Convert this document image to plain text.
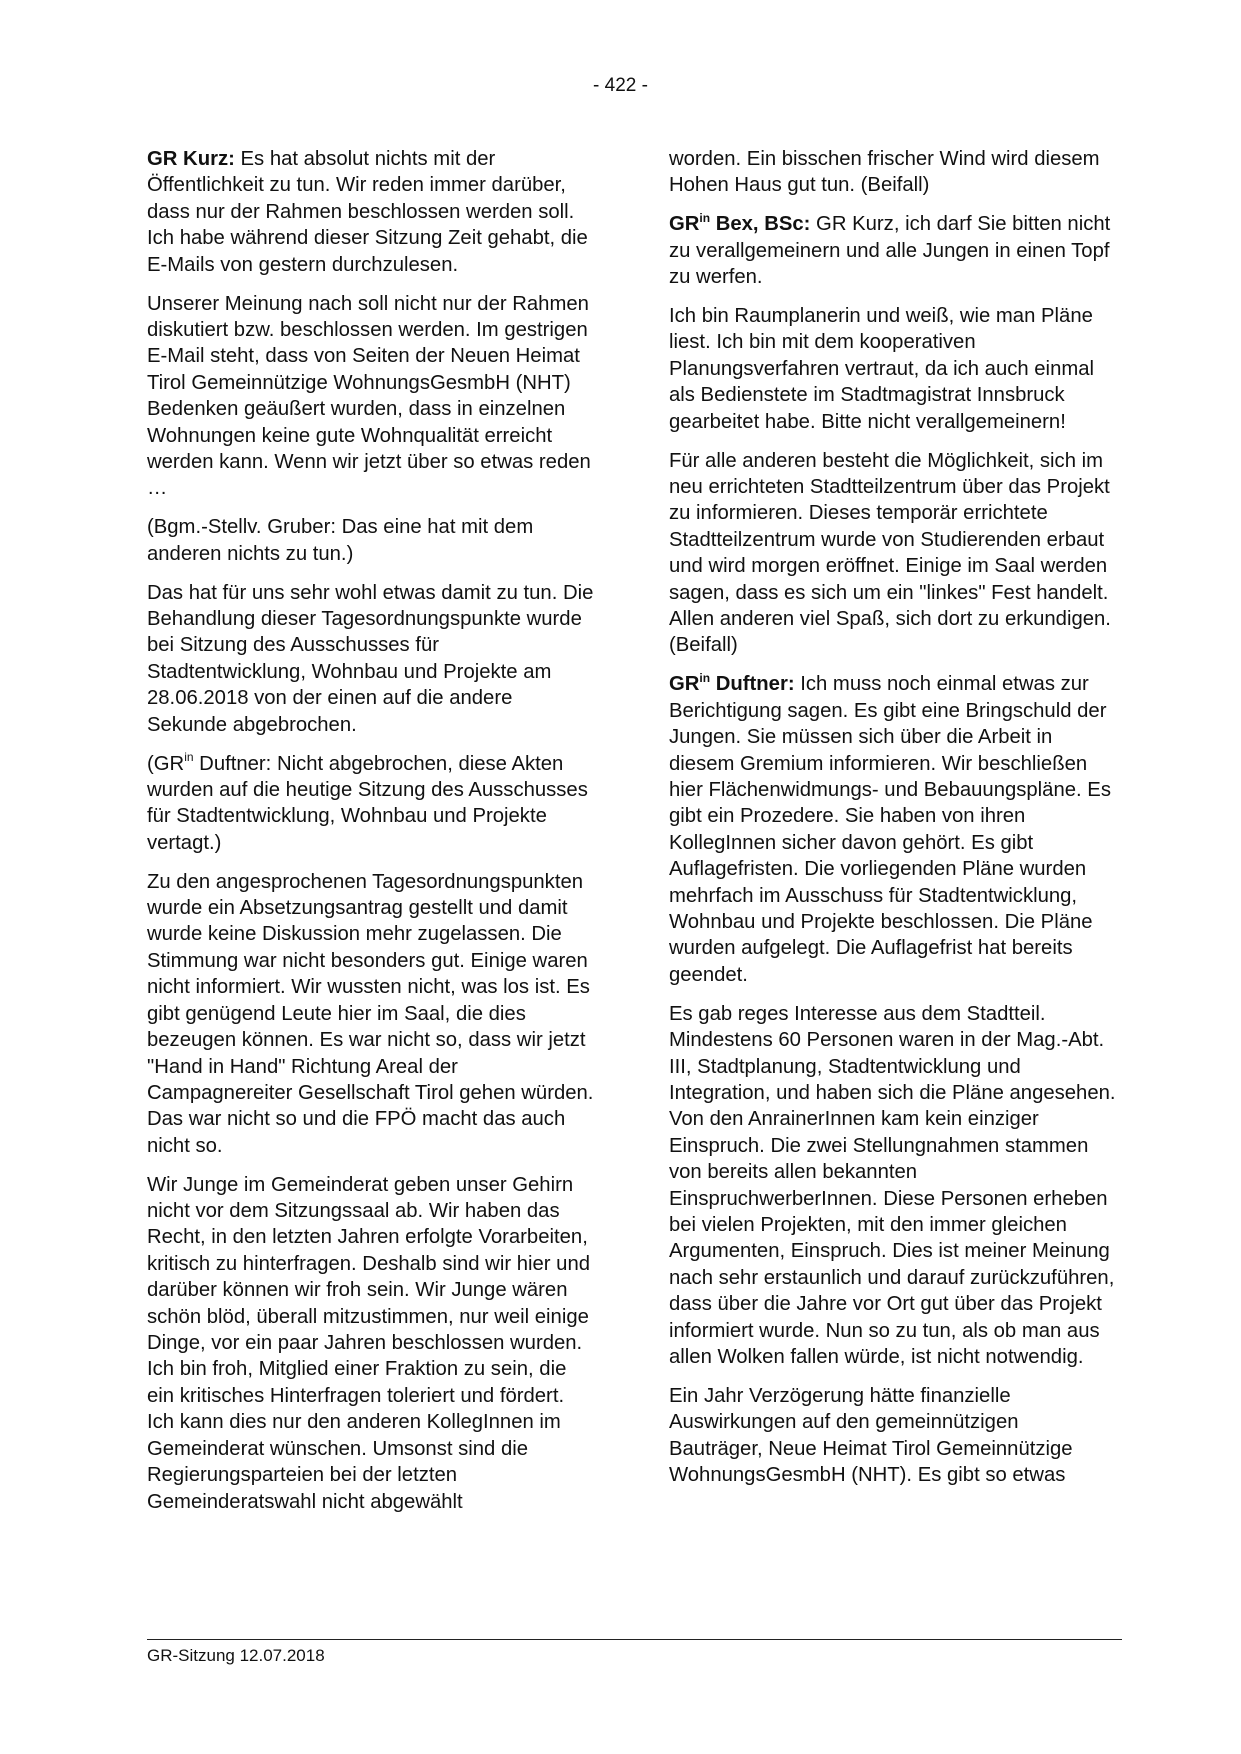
- 422 -

GR Kurz: Es hat absolut nichts mit der Öffentlichkeit zu tun. Wir reden immer darüber, dass nur der Rahmen beschlossen werden soll. Ich habe während dieser Sitzung Zeit gehabt, die E-Mails von gestern durchzulesen.

Unserer Meinung nach soll nicht nur der Rahmen diskutiert bzw. beschlossen werden. Im gestrigen E-Mail steht, dass von Seiten der Neuen Heimat Tirol Gemeinnützige WohnungsGesmbH (NHT) Bedenken geäußert wurden, dass in einzelnen Wohnungen keine gute Wohnqualität erreicht werden kann. Wenn wir jetzt über so etwas reden …

(Bgm.-Stellv. Gruber: Das eine hat mit dem anderen nichts zu tun.)

Das hat für uns sehr wohl etwas damit zu tun. Die Behandlung dieser Tagesordnungspunkte wurde bei Sitzung des Ausschusses für Stadtentwicklung, Wohnbau und Projekte am 28.06.2018 von der einen auf die andere Sekunde abgebrochen.

($GR^{in}$ Duftner: Nicht abgebrochen, diese Akten wurden auf die heutige Sitzung des Ausschusses für Stadtentwicklung, Wohnbau und Projekte vertagt.)

Zu den angesprochenen Tagesordnungspunkten wurde ein Absetzungsantrag gestellt und damit wurde keine Diskussion mehr zugelassen. Die Stimmung war nicht besonders gut. Einige waren nicht informiert. Wir wussten nicht, was los ist. Es gibt genügend Leute hier im Saal, die dies bezeugen können. Es war nicht so, dass wir jetzt "Hand in Hand" Richtung Areal der Campagnereiter Gesellschaft Tirol gehen würden. Das war nicht so und die FPÖ macht das auch nicht so.

Wir Junge im Gemeinderat geben unser Gehirn nicht vor dem Sitzungssaal ab. Wir haben das Recht, in den letzten Jahren erfolgte Vorarbeiten, kritisch zu hinterfragen. Deshalb sind wir hier und darüber können wir froh sein. Wir Junge wären schön blöd, überall mitzustimmen, nur weil einige Dinge, vor ein paar Jahren beschlossen wurden. Ich bin froh, Mitglied einer Fraktion zu sein, die ein kritisches Hinterfragen toleriert und fördert. Ich kann dies nur den anderen KollegInnen im Gemeinderat wünschen. Umsonst sind die Regierungsparteien bei der letzten Gemeinderatswahl nicht abgewählt

worden. Ein bisschen frischer Wind wird diesem Hohen Haus gut tun. (Beifall)

$GR^{in}$ Bex, BSc: GR Kurz, ich darf Sie bitten nicht zu verallgemeinern und alle Jungen in einen Topf zu werfen.

Ich bin Raumplanerin und weiß, wie man Pläne liest. Ich bin mit dem kooperativen Planungsverfahren vertraut, da ich auch einmal als Bedienstete im Stadtmagistrat Innsbruck gearbeitet habe. Bitte nicht verallgemeinern!

Für alle anderen besteht die Möglichkeit, sich im neu errichteten Stadtteilzentrum über das Projekt zu informieren. Dieses temporär errichtete Stadtteilzentrum wurde von Studierenden erbaut und wird morgen eröffnet. Einige im Saal werden sagen, dass es sich um ein "linkes" Fest handelt. Allen anderen viel Spaß, sich dort zu erkundigen. (Beifall)

$GR^{in}$ Duftner: Ich muss noch einmal etwas zur Berichtigung sagen. Es gibt eine Bringschuld der Jungen. Sie müssen sich über die Arbeit in diesem Gremium informieren. Wir beschließen hier Flächenwidmungs- und Bebauungspläne. Es gibt ein Prozedere. Sie haben von ihren KollegInnen sicher davon gehört. Es gibt Auflagefristen. Die vorliegenden Pläne wurden mehrfach im Ausschuss für Stadtentwicklung, Wohnbau und Projekte beschlossen. Die Pläne wurden aufgelegt. Die Auflagefrist hat bereits geendet.

Es gab reges Interesse aus dem Stadtteil. Mindestens 60 Personen waren in der Mag.-Abt. III, Stadtplanung, Stadtentwicklung und Integration, und haben sich die Pläne angesehen. Von den AnrainerInnen kam kein einziger Einspruch. Die zwei Stellungnahmen stammen von bereits allen bekannten EinspruchwerberInnen. Diese Personen erheben bei vielen Projekten, mit den immer gleichen Argumenten, Einspruch. Dies ist meiner Meinung nach sehr erstaunlich und darauf zurückzuführen, dass über die Jahre vor Ort gut über das Projekt informiert wurde. Nun so zu tun, als ob man aus allen Wolken fallen würde, ist nicht notwendig.

Ein Jahr Verzögerung hätte finanzielle Auswirkungen auf den gemeinnützigen Bauträger, Neue Heimat Tirol Gemeinnützige WohnungsGesmbH (NHT). Es gibt so etwas

GR-Sitzung 12.07.2018
